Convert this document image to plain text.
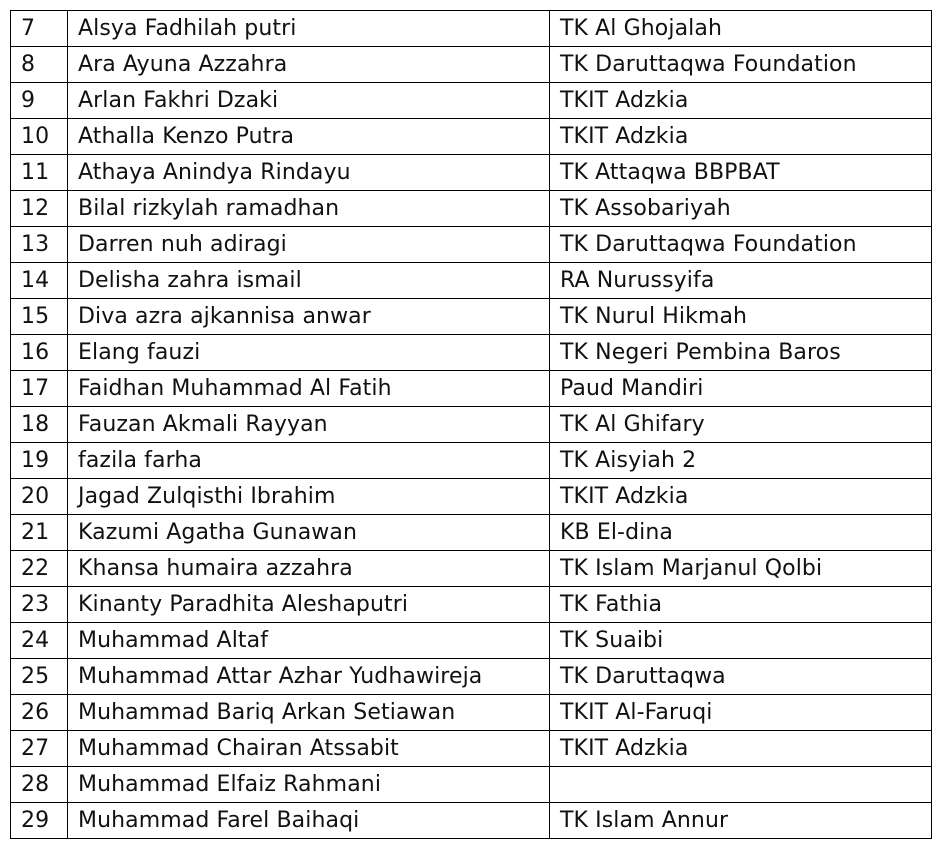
7	Alsya Fadhilah putri	TK Al Ghojalah
8	Ara Ayuna Azzahra	TK Daruttaqwa Foundation
9	Arlan Fakhri Dzaki	TKIT Adzkia
10	Athalla Kenzo Putra	TKIT Adzkia
11	Athaya Anindya Rindayu	TK Attaqwa BBPBAT
12	Bilal rizkylah ramadhan	TK Assobariyah
13	Darren nuh adiragi	TK Daruttaqwa Foundation
14	Delisha zahra ismail	RA Nurussyifa
15	Diva azra ajkannisa anwar	TK Nurul Hikmah
16	Elang fauzi	TK Negeri Pembina Baros
17	Faidhan Muhammad Al Fatih	Paud Mandiri
18	Fauzan Akmali Rayyan	TK Al Ghifary
19	fazila farha	TK Aisyiah 2
20	Jagad Zulqisthi Ibrahim	TKIT Adzkia
21	Kazumi Agatha Gunawan	KB El-dina
22	Khansa humaira azzahra	TK Islam Marjanul Qolbi
23	Kinanty Paradhita Aleshaputri	TK Fathia
24	Muhammad Altaf	TK Suaibi
25	Muhammad Attar Azhar Yudhawireja	TK Daruttaqwa
26	Muhammad Bariq Arkan Setiawan	TKIT Al-Faruqi
27	Muhammad Chairan Atssabit	TKIT Adzkia
28	Muhammad Elfaiz Rahmani	
29	Muhammad Farel Baihaqi	TK Islam Annur
